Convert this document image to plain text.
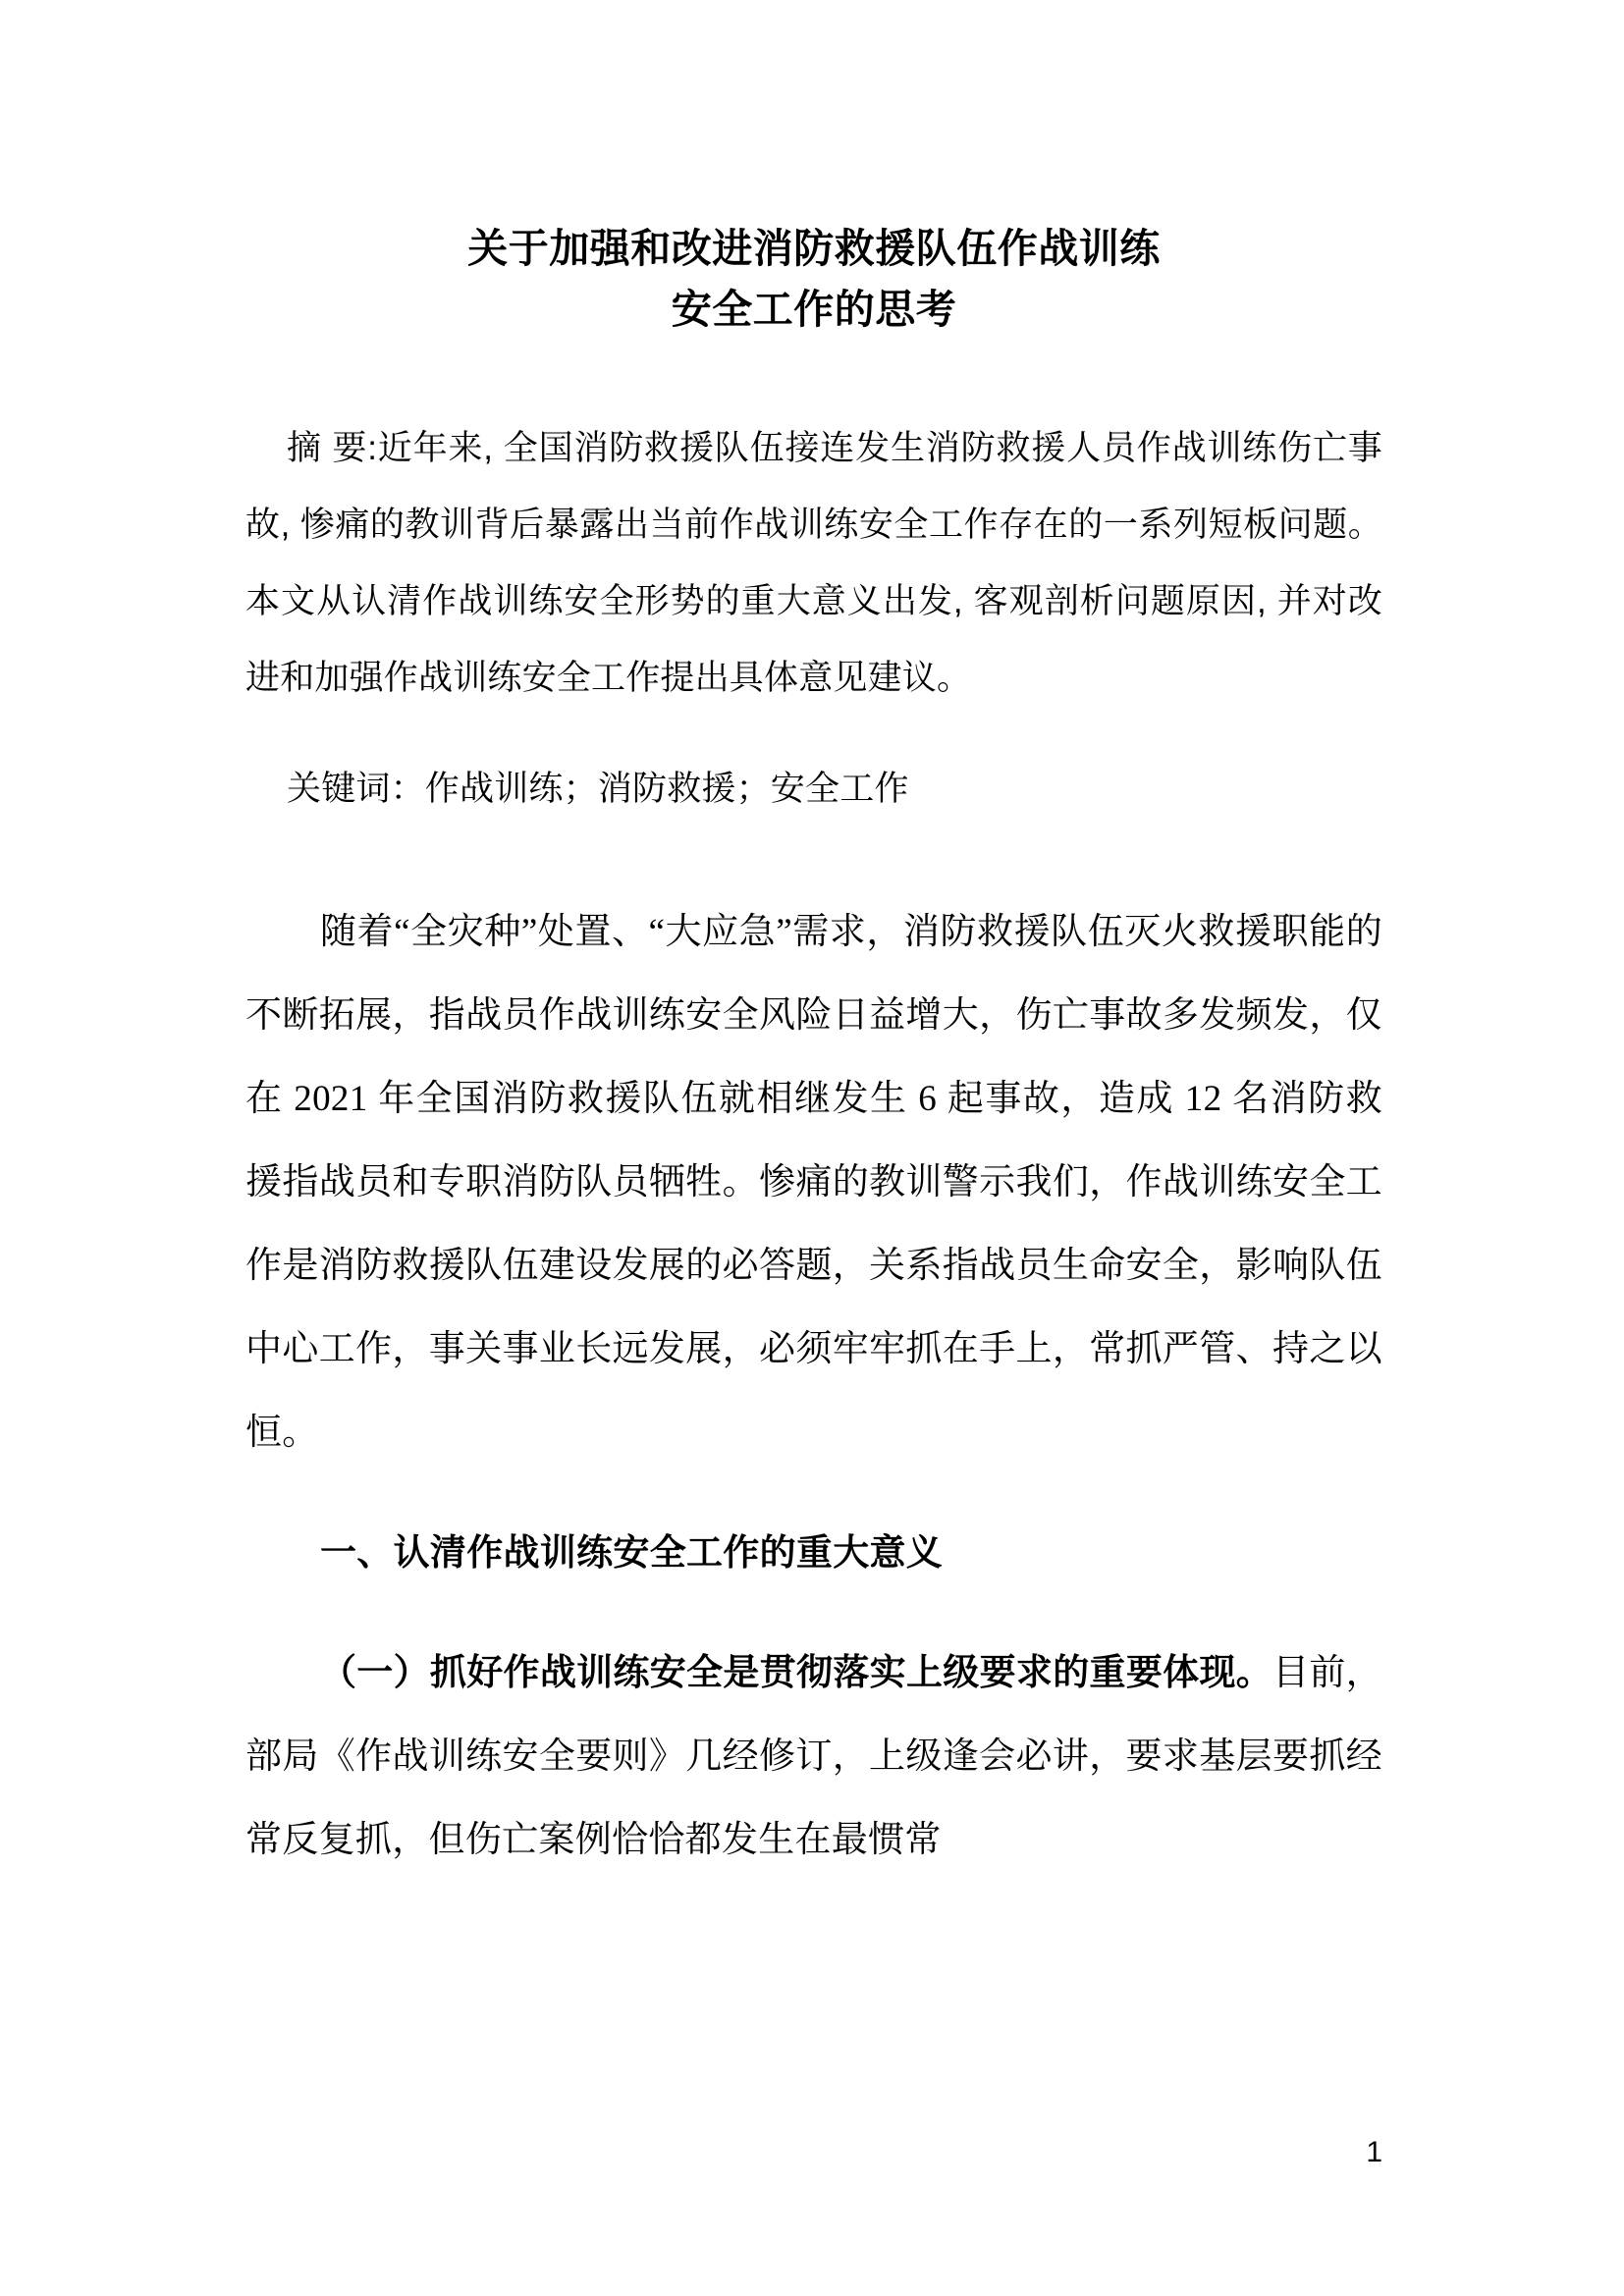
关于加强和改进消防救援队伍作战训练
安全工作的思考

摘 要:近年来, 全国消防救援队伍接连发生消防救援人员作战训练伤亡事故, 惨痛的教训背后暴露出当前作战训练安全工作存在的一系列短板问题。本文从认清作战训练安全形势的重大意义出发, 客观剖析问题原因, 并对改进和加强作战训练安全工作提出具体意见建议。

关键词：作战训练；消防救援；安全工作

随着“全灾种”处置、“大应急”需求，消防救援队伍灭火救援职能的不断拓展，指战员作战训练安全风险日益增大，伤亡事故多发频发，仅在 2021 年全国消防救援队伍就相继发生 6 起事故，造成 12 名消防救援指战员和专职消防队员牺牲。惨痛的教训警示我们，作战训练安全工作是消防救援队伍建设发展的必答题，关系指战员生命安全，影响队伍中心工作，事关事业长远发展，必须牢牢抓在手上，常抓严管、持之以恒。

一、认清作战训练安全工作的重大意义

（一）抓好作战训练安全是贯彻落实上级要求的重要体现。目前，部局《作战训练安全要则》几经修订，上级逢会必讲，要求基层要抓经常反复抓，但伤亡案例恰恰都发生在最惯常

1
